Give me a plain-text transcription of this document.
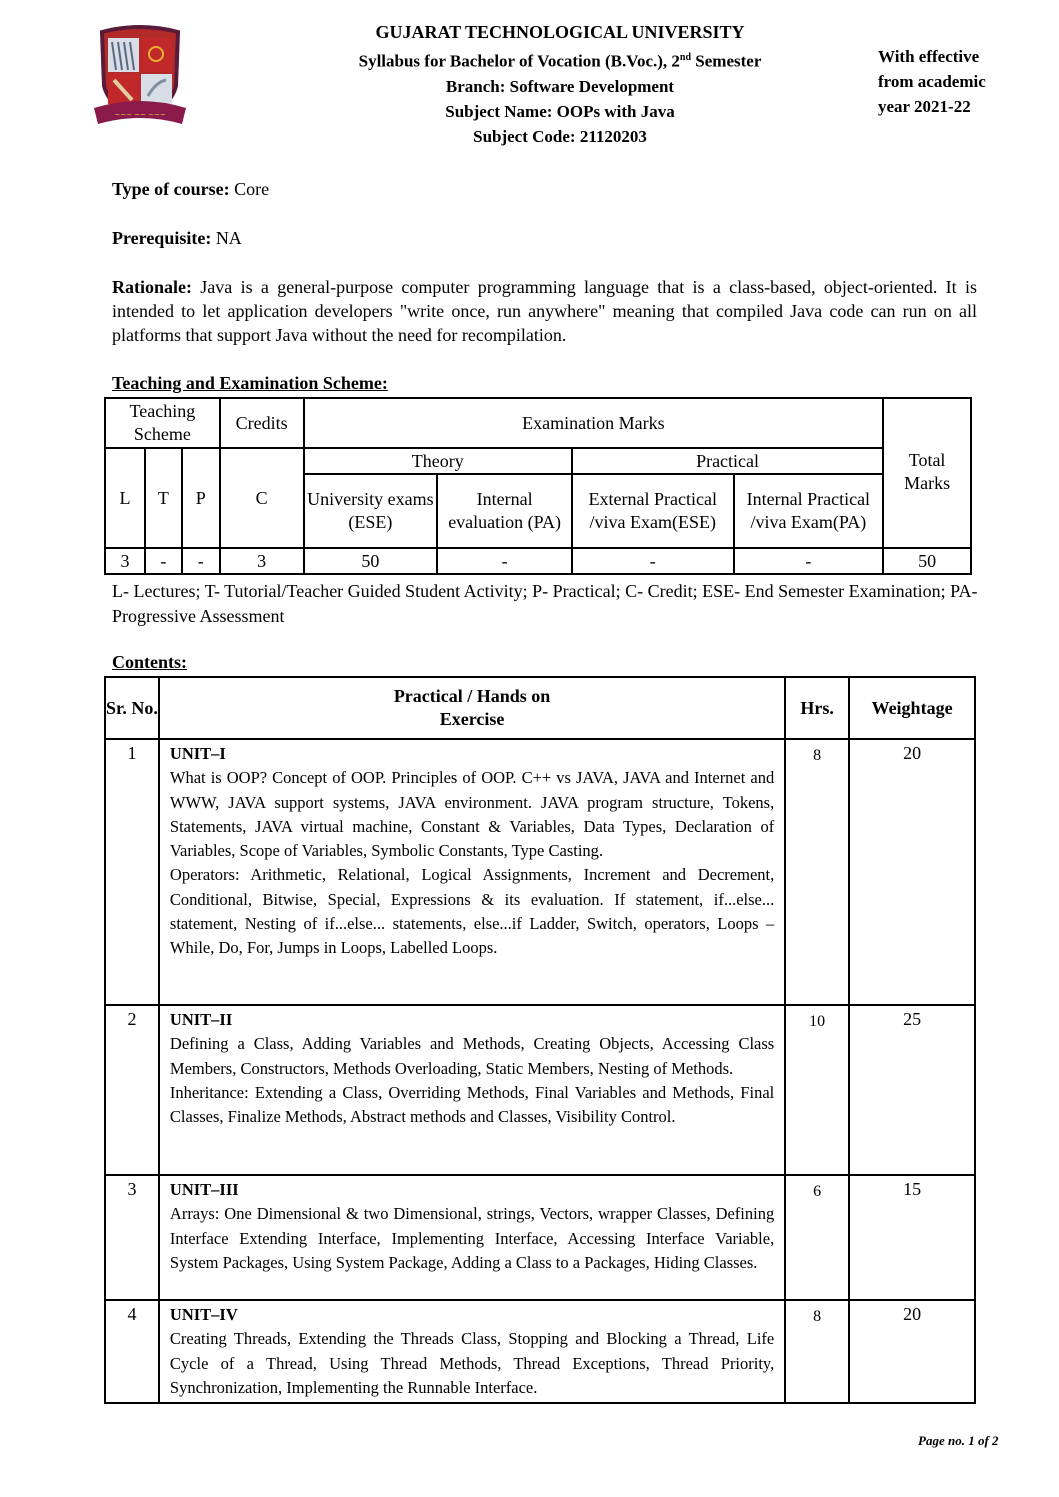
~~~ ~~ ~~~
GUJARAT TECHNOLOGICAL UNIVERSITY
Syllabus for Bachelor of Vocation (B.Voc.), 2nd Semester
Branch: Software Development
Subject Name: OOPs with Java
Subject Code: 21120203
With effective
from academic
year 2021-22
Type of course: Core
Prerequisite: NA
Rationale: Java is a general-purpose computer programming language that is a class-based, object-oriented. It is intended to let application developers "write once, run anywhere" meaning that compiled Java code can run on all platforms that support Java without the need for recompilation.
Teaching and Examination Scheme:
Teaching Scheme			Credits	Examination Marks				Total Marks
L	T	P	C	Theory		Practical		
				University exams (ESE)	Internal evaluation (PA)	External Practical /viva Exam(ESE)	Internal Practical /viva Exam(PA)	
3	-	-	3	50	-	-	-	50
L- Lectures; T- Tutorial/Teacher Guided Student Activity; P- Practical; C- Credit; ESE- End Semester Examination; PA- Progressive Assessment
Contents:
Sr. No.	Practical / Hands on
Exercise	Hrs.	Weightage
1	UNIT–I
What is OOP? Concept of OOP. Principles of OOP. C++ vs JAVA, JAVA and Internet and WWW, JAVA support systems, JAVA environment. JAVA program structure, Tokens, Statements, JAVA virtual machine, Constant & Variables, Data Types, Declaration of Variables, Scope of Variables, Symbolic Constants, Type Casting.
Operators: Arithmetic, Relational, Logical Assignments, Increment and Decrement, Conditional, Bitwise, Special, Expressions & its evaluation. If statement, if...else... statement, Nesting of if...else... statements, else...if Ladder, Switch, operators, Loops –While, Do, For, Jumps in Loops, Labelled Loops.	8	20
2	UNIT–II
Defining a Class, Adding Variables and Methods, Creating Objects, Accessing Class Members, Constructors, Methods Overloading, Static Members, Nesting of Methods.
Inheritance: Extending a Class, Overriding Methods, Final Variables and Methods, Final Classes, Finalize Methods, Abstract methods and Classes, Visibility Control.	10	25
3	UNIT–III
Arrays: One Dimensional & two Dimensional, strings, Vectors, wrapper Classes, Defining Interface Extending Interface, Implementing Interface, Accessing Interface Variable, System Packages, Using System Package, Adding a Class to a Packages, Hiding Classes.	6	15
4	UNIT–IV
Creating Threads, Extending the Threads Class, Stopping and Blocking a Thread, Life Cycle of a Thread, Using Thread Methods, Thread Exceptions, Thread Priority, Synchronization, Implementing the Runnable Interface.	8	20
Page no. 1 of 2
